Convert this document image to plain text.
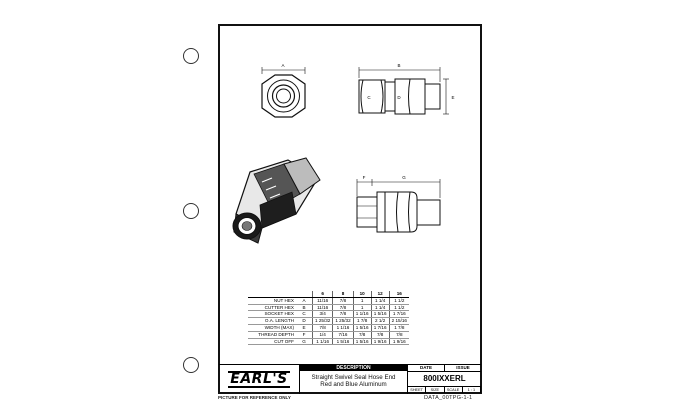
A	B
C	D	E
F	G
		6	8	10	12	16
NUT HEX	A	11/16	7/8	1	1 1/4	1 1/2
CUTTER HEX	B	11/16	7/8	1	1 1/4	1 1/2
SOCKET HEX	C	3/4	7/8	1 1/16	1 5/16	1 7/16
O.A. LENGTH	D	1 25/32	1 25/32	1 7/8	2 1/2	2 15/16
WIDTH (MAX)	E	7/8	1 1/16	1 5/16	1 7/16	1 7/8
THREAD DEPTH	F	1/4	7/16	7/8	7/8	7/8
CUT OFF	G	1 1/16	1 5/16	1 5/16	1 9/16	1 9/16
EARL'S
DESCRIPTION
Straight Swivel Seal Hose End
Red and Blue Aluminum
DATE	ISSUE
800IXXERL
SHEET	SIZE	SCALE	1 : 1
PICTURE FOR REFERENCE ONLY	DATA_00TPG-1-1
